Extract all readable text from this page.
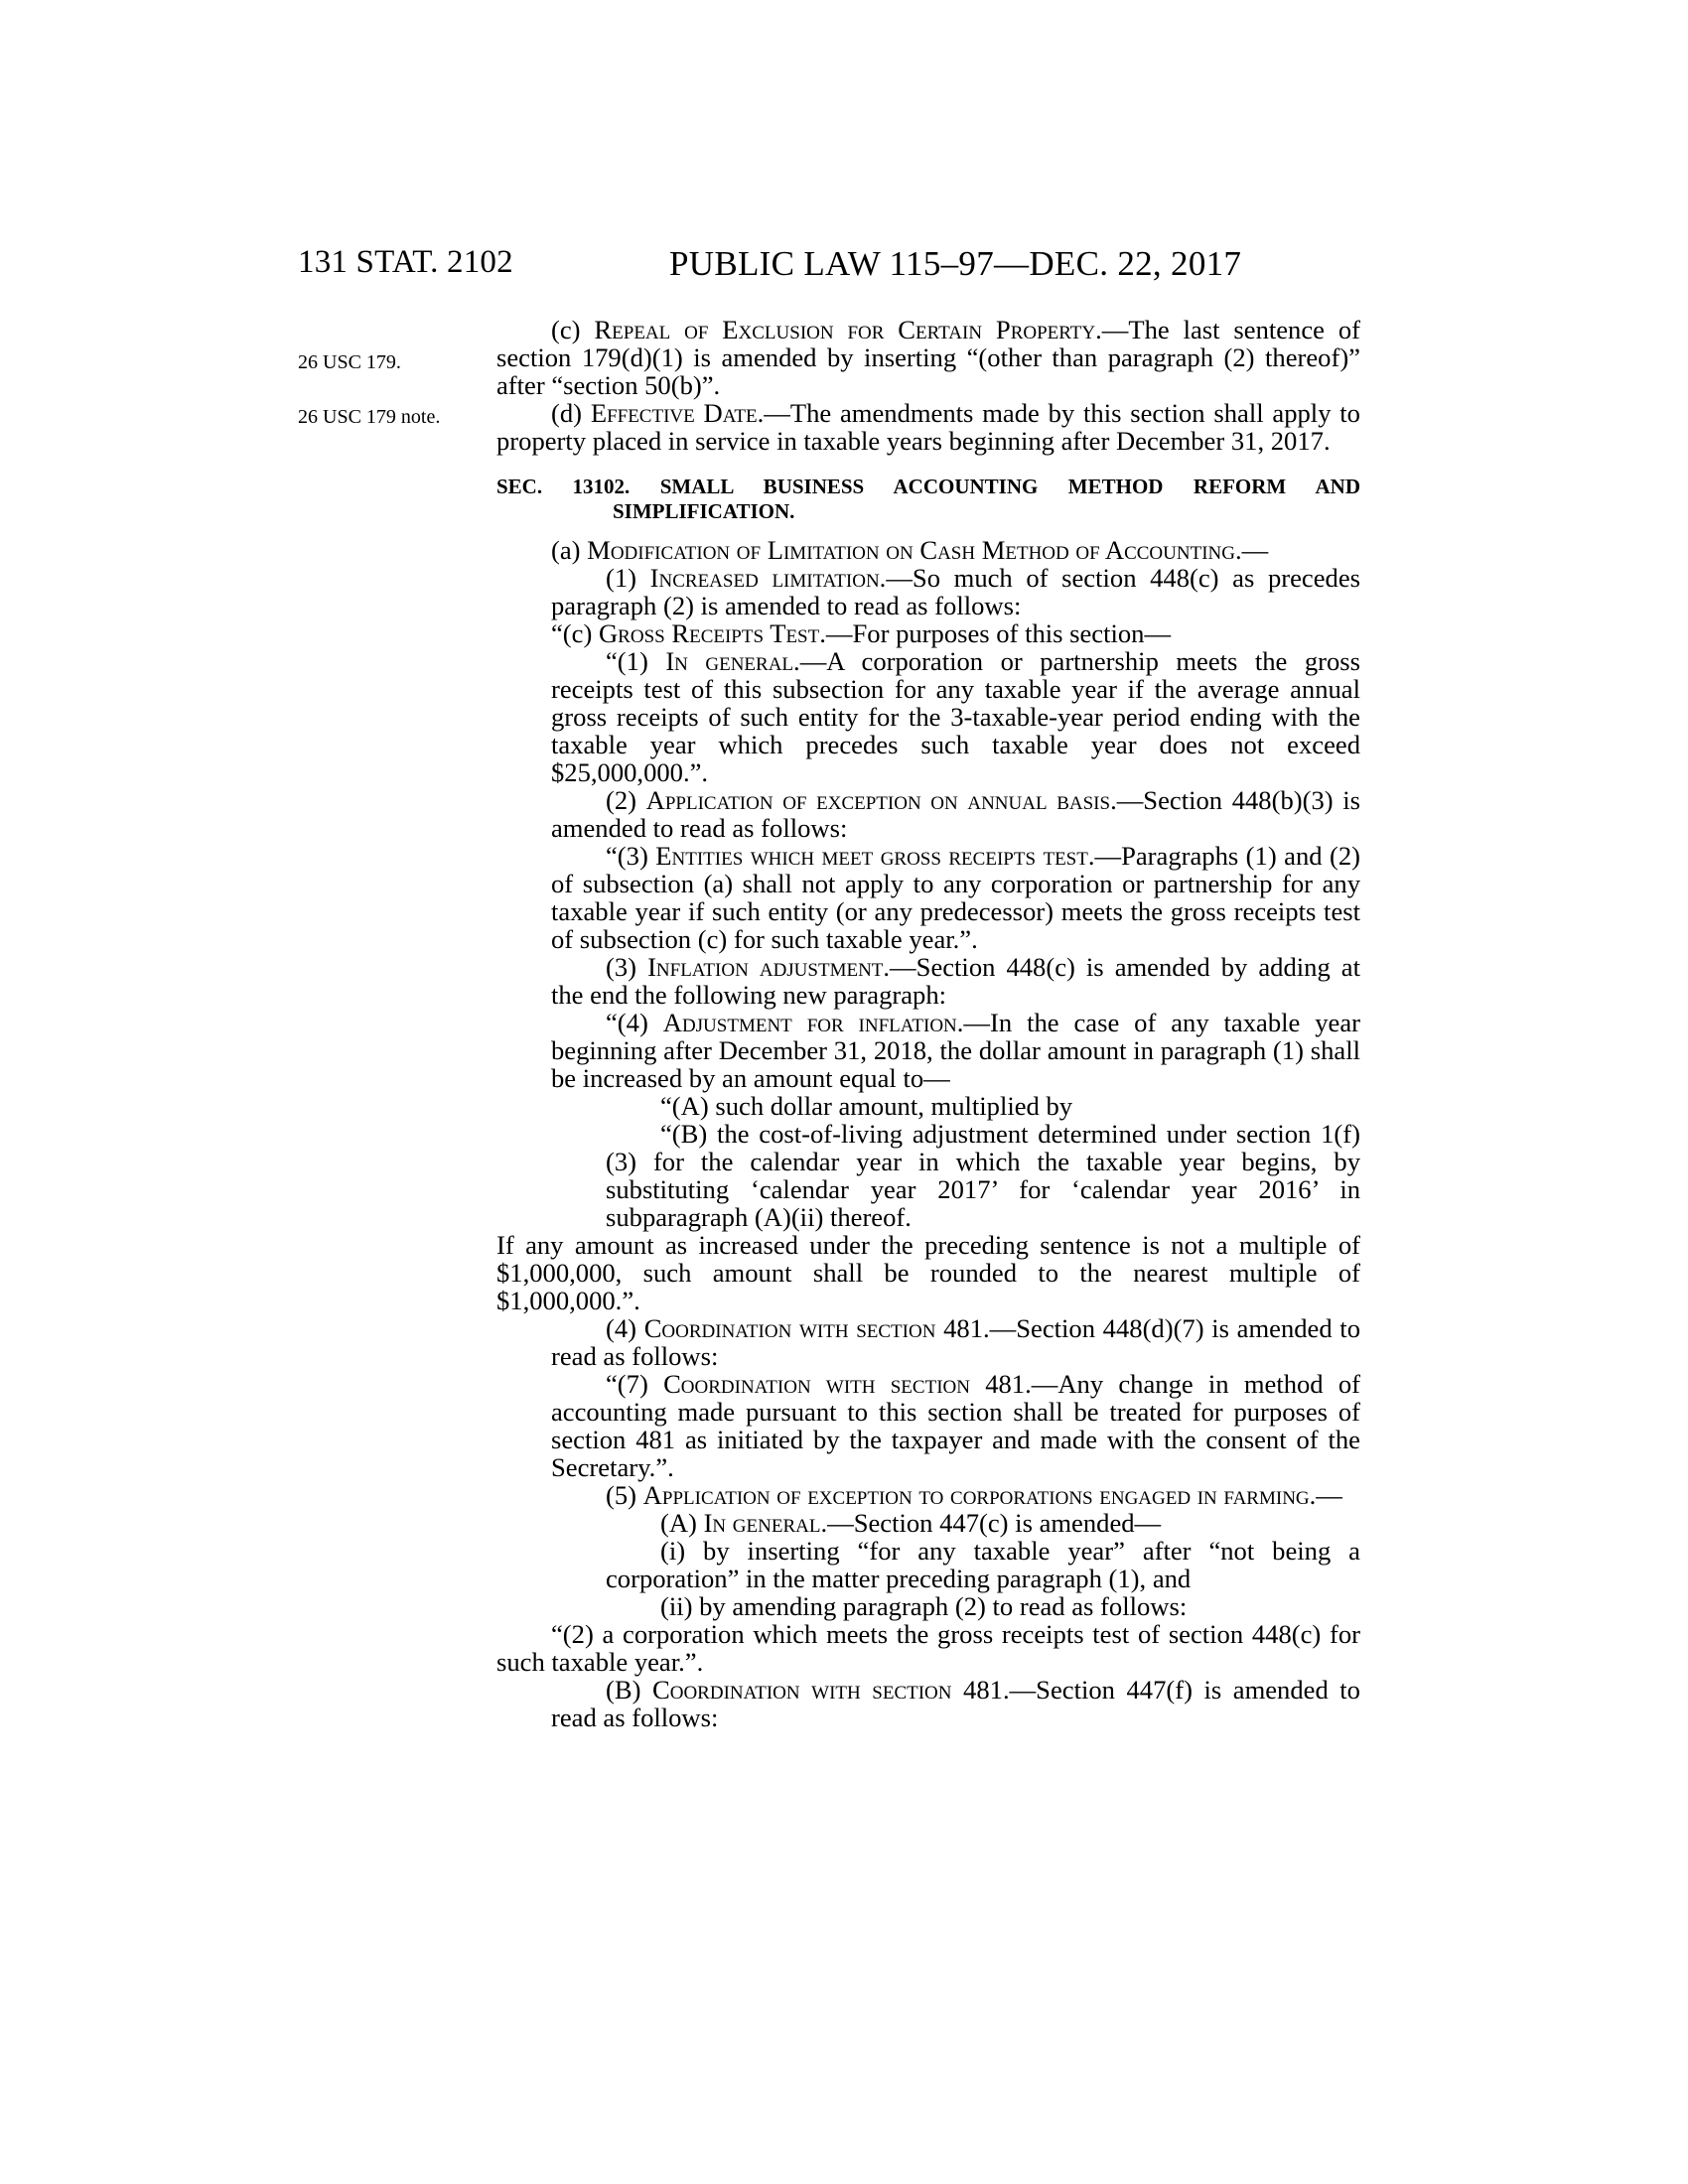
131 STAT. 2102	PUBLIC LAW 115–97—DEC. 22, 2017
26 USC 179.
26 USC 179 note.

(c) Repeal of Exclusion for Certain Property.—The last sentence of section 179(d)(1) is amended by inserting “(other than paragraph (2) thereof)” after “section 50(b)”.

(d) Effective Date.—The amendments made by this section shall apply to property placed in service in taxable years beginning after December 31, 2017.

SEC. 13102. SMALL BUSINESS ACCOUNTING METHOD REFORM AND SIMPLIFICATION.

(a) Modification of Limitation on Cash Method of Accounting.—

(1) Increased limitation.—So much of section 448(c) as precedes paragraph (2) is amended to read as follows:

“(c) Gross Receipts Test.—For purposes of this section—

“(1) In general.—A corporation or partnership meets the gross receipts test of this subsection for any taxable year if the average annual gross receipts of such entity for the 3-taxable-year period ending with the taxable year which precedes such taxable year does not exceed $25,000,000.”.

(2) Application of exception on annual basis.—Section 448(b)(3) is amended to read as follows:

“(3) Entities which meet gross receipts test.—Paragraphs (1) and (2) of subsection (a) shall not apply to any corporation or partnership for any taxable year if such entity (or any predecessor) meets the gross receipts test of subsection (c) for such taxable year.”.

(3) Inflation adjustment.—Section 448(c) is amended by adding at the end the following new paragraph:

“(4) Adjustment for inflation.—In the case of any taxable year beginning after December 31, 2018, the dollar amount in paragraph (1) shall be increased by an amount equal to—

“(A) such dollar amount, multiplied by

“(B) the cost-of-living adjustment determined under section 1(f)(3) for the calendar year in which the taxable year begins, by substituting ‘calendar year 2017’ for ‘calendar year 2016’ in subparagraph (A)(ii) thereof.

If any amount as increased under the preceding sentence is not a multiple of $1,000,000, such amount shall be rounded to the nearest multiple of $1,000,000.”.

(4) Coordination with section 481.—Section 448(d)(7) is amended to read as follows:

“(7) Coordination with section 481.—Any change in method of accounting made pursuant to this section shall be treated for purposes of section 481 as initiated by the taxpayer and made with the consent of the Secretary.”.

(5) Application of exception to corporations engaged in farming.—

(A) In general.—Section 447(c) is amended—

(i) by inserting “for any taxable year” after “not being a corporation” in the matter preceding paragraph (1), and

(ii) by amending paragraph (2) to read as follows:

“(2) a corporation which meets the gross receipts test of section 448(c) for such taxable year.”.

(B) Coordination with section 481.—Section 447(f) is amended to read as follows:
